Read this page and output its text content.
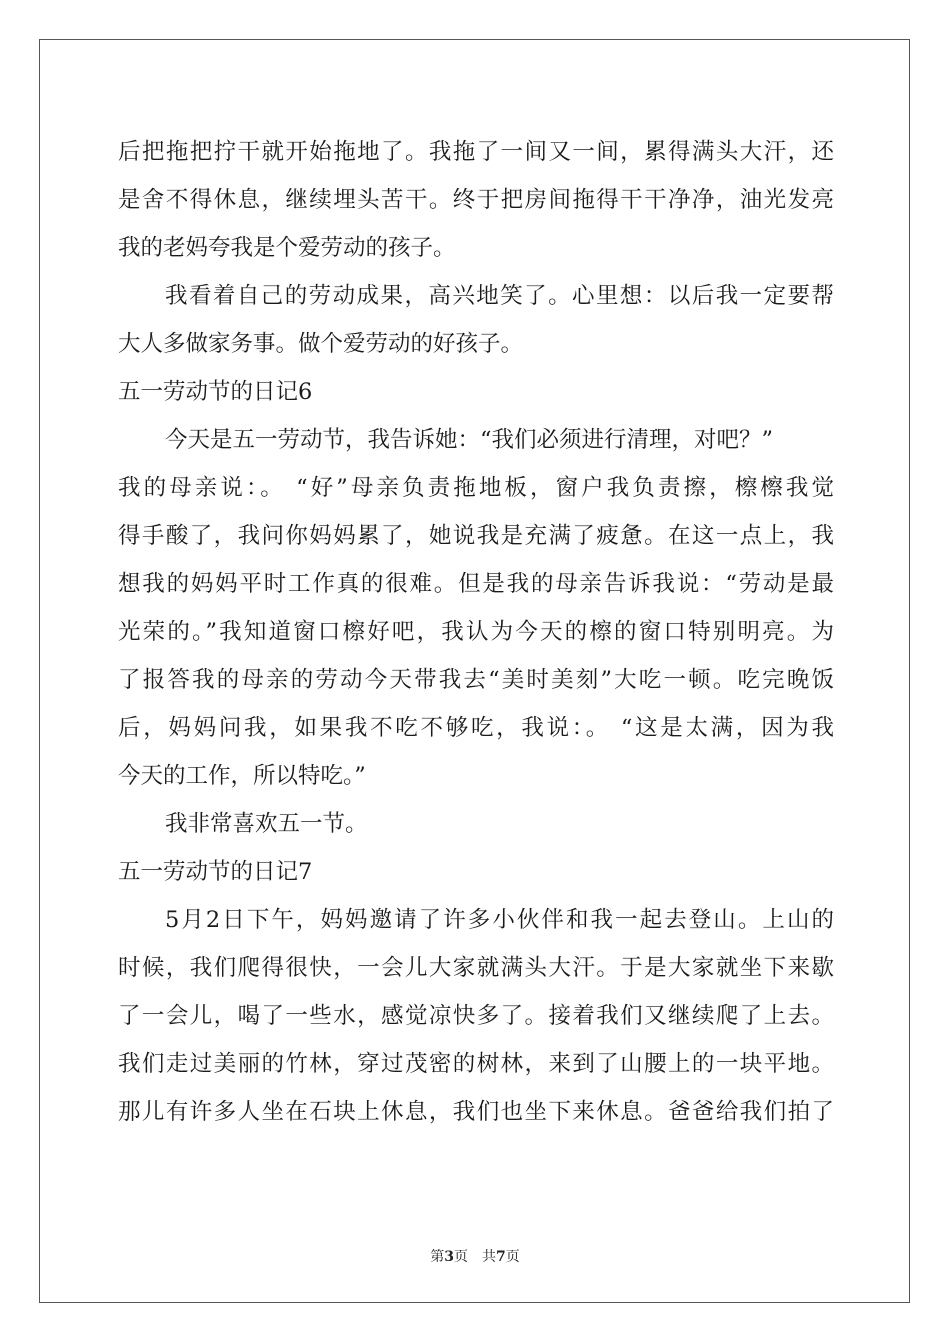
后把拖把拧干就开始拖地了。我拖了一间又一间，累得满头大汗，还
是舍不得休息，继续埋头苦干。终于把房间拖得干干净净，油光发亮
我的老妈夸我是个爱劳动的孩子。
我看着自己的劳动成果，高兴地笑了。心里想：以后我一定要帮
大人多做家务事。做个爱劳动的好孩子。
五一劳动节的日记6
今天是五一劳动节，我告诉她：“我们必须进行清理，对吧？”
我的母亲说：。 “好”母亲负责拖地板，窗户我负责擦，檫檫我觉
得手酸了，我问你妈妈累了，她说我是充满了疲惫。在这一点上，我
想我的妈妈平时工作真的很难。但是我的母亲告诉我说：“劳动是最
光荣的。”我知道窗口檫好吧，我认为今天的檫的窗口特别明亮。为
了报答我的母亲的劳动今天带我去“美时美刻”大吃一顿。吃完晚饭
后，妈妈问我，如果我不吃不够吃，我说：。 “这是太满，因为我
今天的工作，所以特吃。”
我非常喜欢五一节。
五一劳动节的日记7
5月2日下午，妈妈邀请了许多小伙伴和我一起去登山。上山的
时候，我们爬得很快，一会儿大家就满头大汗。于是大家就坐下来歇
了一会儿，喝了一些水，感觉凉快多了。接着我们又继续爬了上去。
我们走过美丽的竹林，穿过茂密的树林，来到了山腰上的一块平地。
那儿有许多人坐在石块上休息，我们也坐下来休息。爸爸给我们拍了
第3页 共7页
